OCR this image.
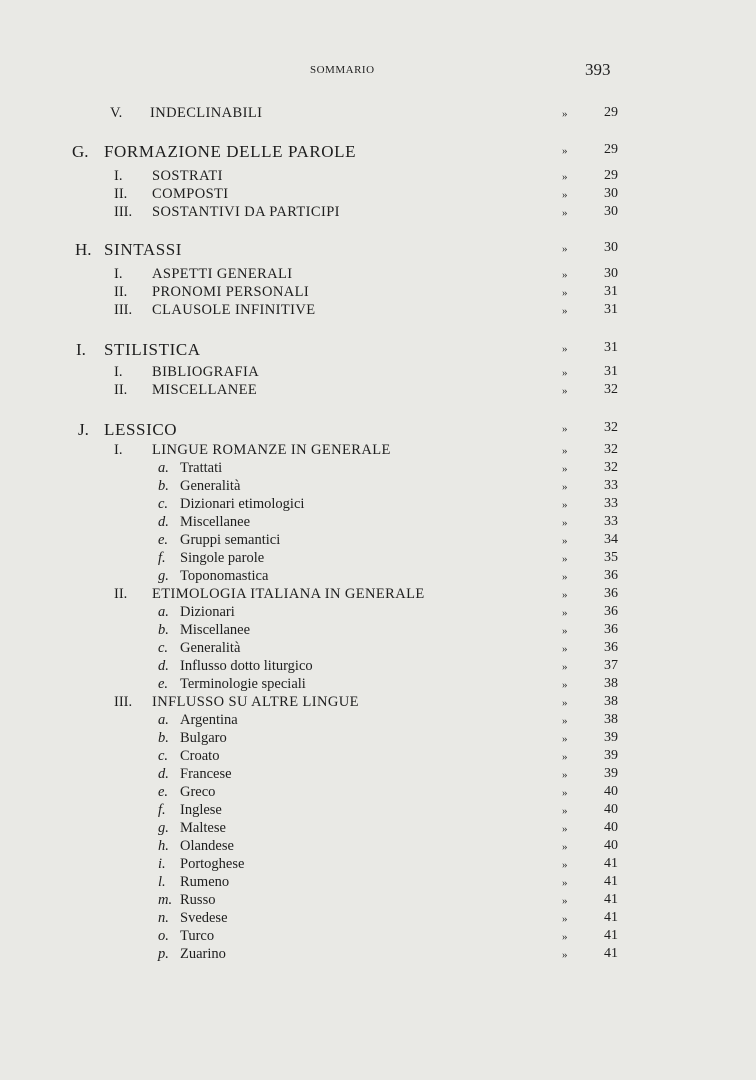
SOMMARIO	393
V. INDECLINABILI	»	29
G. FORMAZIONE DELLE PAROLE	»	29
I. SOSTRATI	»	29
II. COMPOSTI	»	30
III. SOSTANTIVI DA PARTICIPI	»	30
H. SINTASSI	»	30
I. ASPETTI GENERALI	»	30
II. PRONOMI PERSONALI	»	31
III. CLAUSOLE INFINITIVE	»	31
I. STILISTICA	»	31
I. BIBLIOGRAFIA	»	31
II. MISCELLANEE	»	32
J. LESSICO	»	32
I. LINGUE ROMANZE IN GENERALE	»	32
a. Trattati	»	32
b. Generalità	»	33
c. Dizionari etimologici	»	33
d. Miscellanee	»	33
e. Gruppi semantici	»	34
f. Singole parole	»	35
g. Toponomastica	»	36
II. ETIMOLOGIA ITALIANA IN GENERALE	»	36
a. Dizionari	»	36
b. Miscellanee	»	36
c. Generalità	»	36
d. Influsso dotto liturgico	»	37
e. Terminologie speciali	»	38
III. INFLUSSO SU ALTRE LINGUE	»	38
a. Argentina	»	38
b. Bulgaro	»	39
c. Croato	»	39
d. Francese	»	39
e. Greco	»	40
f. Inglese	»	40
g. Maltese	»	40
h. Olandese	»	40
i. Portoghese	»	41
l. Rumeno	»	41
m. Russo	»	41
n. Svedese	»	41
o. Turco	»	41
p. Zuarino	»	41
